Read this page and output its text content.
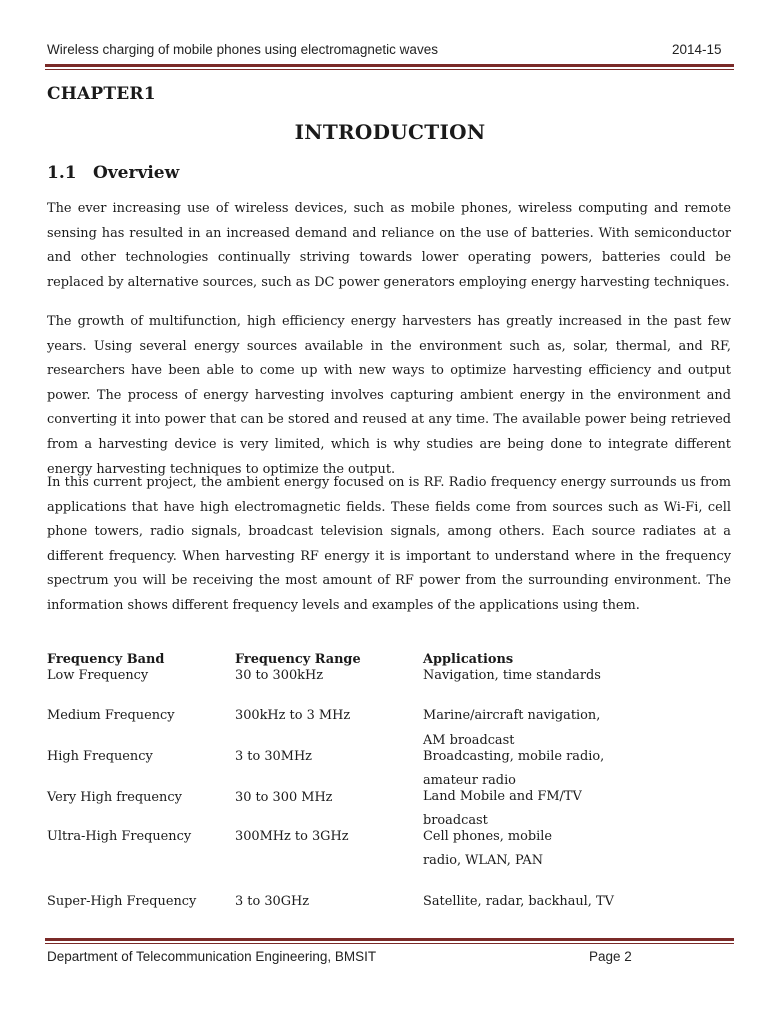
Wireless charging of mobile phones using electromagnetic waves	2014-15
CHAPTER1
INTRODUCTION
1.1 Overview

The ever increasing use of wireless devices, such as mobile phones, wireless computing and remote sensing has resulted in an increased demand and reliance on the use of batteries. With semiconductor and other technologies continually striving towards lower operating powers, batteries could be replaced by alternative sources, such as DC power generators employing energy harvesting techniques.

The growth of multifunction, high efficiency energy harvesters has greatly increased in the past few years. Using several energy sources available in the environment such as, solar, thermal, and RF, researchers have been able to come up with new ways to optimize harvesting efficiency and output power. The process of energy harvesting involves capturing ambient energy in the environment and converting it into power that can be stored and reused at any time. The available power being retrieved from a harvesting device is very limited, which is why studies are being done to integrate different energy harvesting techniques to optimize the output.

In this current project, the ambient energy focused on is RF. Radio frequency energy surrounds us from applications that have high electromagnetic fields. These fields come from sources such as Wi-Fi, cell phone towers, radio signals, broadcast television signals, among others. Each source radiates at a different frequency. When harvesting RF energy it is important to understand where in the frequency spectrum you will be receiving the most amount of RF power from the surrounding environment. The information shows different frequency levels and examples of the applications using them.

Frequency Band	Frequency Range	Applications
Low Frequency	30 to 300kHz	Navigation, time standards
Medium Frequency	300kHz to 3 MHz	Marine/aircraft navigation,
AM broadcast
High Frequency	3 to 30MHz	Broadcasting, mobile radio,
amateur radio
Very High frequency	30 to 300 MHz	Land Mobile and FM/TV
broadcast
Ultra-High Frequency	300MHz to 3GHz	Cell phones, mobile
radio, WLAN, PAN
Super-High Frequency	3 to 30GHz	Satellite, radar, backhaul, TV
Department of Telecommunication Engineering, BMSIT	Page 2
